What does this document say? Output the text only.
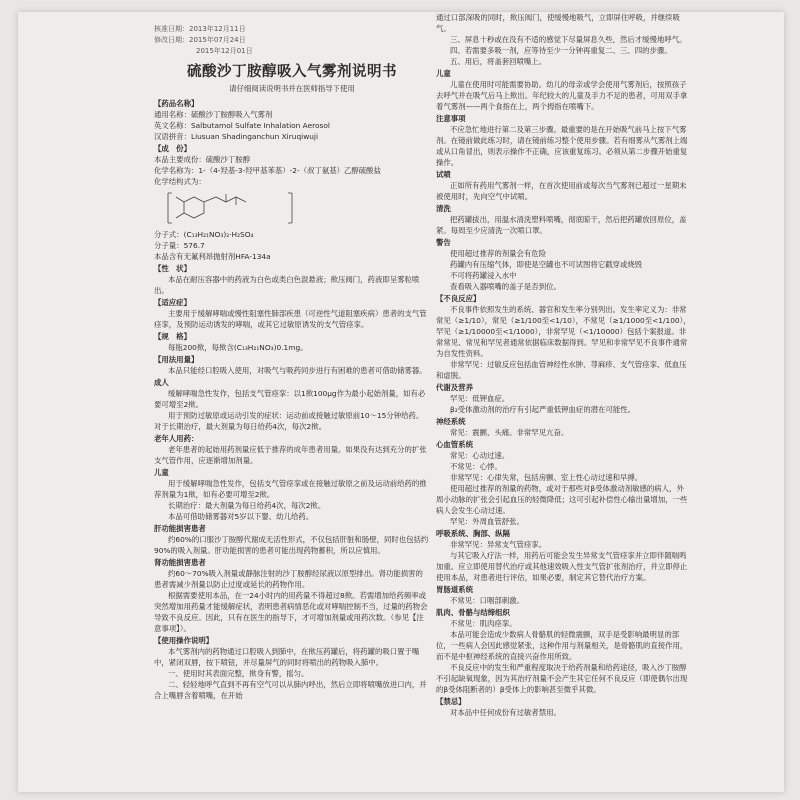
核准日期：2013年12月11日

修改日期：2015年07月24日

2015年12月01日

硫酸沙丁胺醇吸入气雾剂说明书
请仔细阅读说明书并在医师指导下使用

【药品名称】

通用名称：硫酸沙丁胺醇吸入气雾剂

英文名称：Salbutamol Sulfate Inhalation Aerosol

汉语拼音：Liusuan Shadinganchun Xiruqiwuji

【成　份】

本品主要成份：硫酸沙丁胺醇

化学名称为：1-（4-羟基-3-羟甲基苯基）-2-（叔丁氨基）乙醇硫酸盐

化学结构式为：

分子式：(C₁₃H₂₁NO₃)₂·H₂SO₄

分子量：576.7

本品含有无氟利昂抛射剂HFA-134a

【性　状】

本品在耐压容器中的药液为白色或类白色混悬液；揿压阀门，药液即呈雾粒喷出。

【适应症】

主要用于缓解哮喘或慢性阻塞性肺部疾患（可逆性气道阻塞疾病）患者的支气管痉挛，及预防运动诱发的哮喘，或其它过敏原诱发的支气管痉挛。

【规　格】

每瓶200揿，每揿含(C₁₃H₂₁NO₃)0.1mg。

【用法用量】

本品只能经口腔吸入使用，对吸气与吸药同步进行有困难的患者可借助储雾器。

成人

缓解哮喘急性发作，包括支气管痉挛：以1揿100μg作为最小起始剂量，如有必要可增至2揿。

用于预防过敏原或运动引发的症状：运动前或接触过敏原前10～15分钟给药。对于长期治疗，最大剂量为每日给药4次，每次2揿。

老年人用药：

老年患者的起始用药剂量应低于推荐的成年患者用量。如果没有达到充分的扩张支气管作用，应逐渐增加剂量。

儿童

用于缓解哮喘急性发作，包括支气管痉挛或在接触过敏原之前及运动前给药的推荐剂量为1揿，如有必要可增至2揿。

长期治疗：最大剂量为每日给药4次，每次2揿。

本品可借助储雾器对5岁以下婴、幼儿给药。

肝功能损害患者

约60%的口服沙丁胺醇代谢成无活性形式，不仅包括肝脏和肠壁，同时也包括约90%的吸入剂量。肝功能损害的患者可能出现药物蓄积，所以应慎用。

肾功能损害患者

约60～70%吸入剂量或静脉注射的沙丁胺醇经尿液以原型排出。肾功能损害的患者需减少剂量以防止过度或延长的药物作用。

根据需要使用本品，在一24小时内的用药量不得超过8揿。若需增加给药频率或突然增加用药量才能缓解症状，表明患者病情恶化或对哮喘控制不当，过量的药物会导致不良反应。因此，只有在医生的指导下，才可增加剂量或用药次数。（参见【注意事项】）。

【使用操作说明】

本气雾剂内的药物通过口腔吸入到肺中，在揿压药罐后，将药罐的吸口置于嘴中，紧闭双唇，按下喷钮，并尽量屏气的同时将喷出的药物吸入肺中。

一、使用时其表面完整，揿身有警，摇匀。

二、轻轻地呼气直到不再有空气可以从肺内呼出，然后立即将喷嘴放进口内，并合上嘴唇含着喷嘴，在开始

通过口部深吸的同时，揿压阀门，使缓慢地吸气，立即屏住呼吸，并继续吸气。

三、屏息十秒或在没有不适的感觉下尽量屏息久些，然后才缓慢地呼气。

四、若需要多吸一剂，应等待至少一分钟再重复二、三、四的步骤。

五、用后，将盖套回喷嘴上。

儿童

儿童在使用时可能需要协助。幼儿的母亲或学会使用气雾剂后，按照孩子去呼气并在吸气后马上揿出。年纪较大的儿童及手力不足的患者，可用双手拿着气雾剂——两个食指在上，两个拇指在喷嘴下。

注意事项

不应急忙地进行第二及第三步骤。最重要的是在开始吸气前马上按下气雾剂。在镜前做此练习时，请在镜前练习整个使用步骤。若有细雾从气雾剂上端或从口角冒出，则表示操作不正确，应该重复练习。必须从第二步骤开始重复操作。

试喷

正如所有药用气雾剂一样，在首次使用前或每次当气雾剂已超过一星期未被使用时，先向空气中试喷。

清洗

把药罐拔出，用温水清洗塑料喷嘴，彻底晾干，然后把药罐放回原位，盖紧。每周至少应清洗一次喷口罩。

警告

使用超过推荐的剂量会有危险

药罐内有压缩气体，即使是空罐也不可试图将它戳穿或烧毁

不可将药罐浸入水中

查看吸入器喷嘴的盖子是否到位。

【不良反应】

不良事件依照发生的系统、器官和发生率分别列出。发生率定义为：非常常见（≥1/10），常见（≥1/100至<1/10），不常见（≥1/1000至<1/100），罕见（≥1/10000至<1/1000），非常罕见（<1/10000）包括个案报道。非常常见、常见和罕见者通常依据临床数据得到。罕见和非常罕见不良事件通常为自发性资料。

非常罕见：过敏反应包括血管神经性水肿、荨麻疹、支气管痉挛、低血压和虚脱。

代谢及营养

罕见：低钾血症。

β₂受体激动剂的治疗有引起严重低钾血症的潜在可能性。

神经系统

常见：震颤、头痛。非常罕见亢奋。

心血管系统

常见：心动过速。

不常见：心悸。

非常罕见：心律失常，包括房颤、室上性心动过速和早搏。

使用超过推荐的剂量的药物，或对于那些对β受体激动剂敏感的病人，外周小动脉的扩张会引起血压的轻微降低；这可引起补偿性心输出量增加，一些病人会发生心动过速。

罕见：外周血管舒张。

呼吸系统、胸部、纵隔

非常罕见：异常支气管痉挛。

与其它吸入疗法一样，用药后可能会发生异常支气管痉挛并立即伴随喘鸣加重。应立即使用替代治疗或其他速效吸入性支气管扩张剂治疗，并立即停止使用本品，对患者进行评估，如果必要，制定其它替代治疗方案。

胃肠道系统

不常见：口咽部刺激。

肌肉、骨骼与结缔组织

不常见：肌肉痉挛。

本品可能会造成少数病人骨骼肌的轻微震颤，双手是受影响最明显的部位，一些病人会因此感觉紧张，这种作用与剂量相关，是骨骼肌的直接作用，而不是中枢神经系统的直接兴奋作用所致。

不良反应中的发生和严重程度取决于给药剂量和给药途径，吸入沙丁胺醇不引起缺氧现象，因为其治疗剂量不会产生其它任何不良反应（即使偶尔出现的β受体阻断者的）β受体上的影响甚至微乎其微。

【禁忌】

对本品中任何成份有过敏者禁用。
